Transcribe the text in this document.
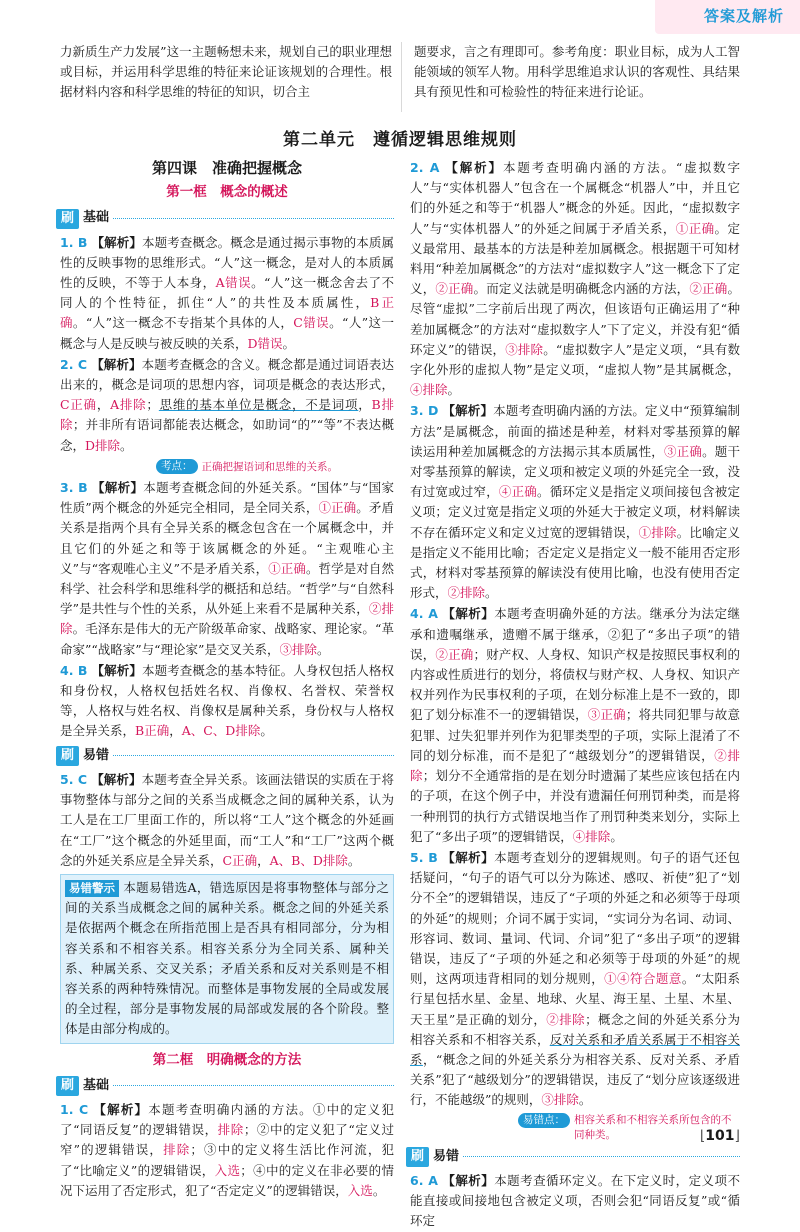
答案及解析
力新质生产力发展”这一主题畅想未来，规划自己的职业理想或目标，并运用科学思维的特征来论证该规划的合理性。根据材料内容和科学思维的特征的知识，切合主
题要求，言之有理即可。参考角度：职业目标，成为人工智能领域的领军人物。用科学思维追求认识的客观性、具结果具有预见性和可检验性的特征来进行论证。
第二单元　遵循逻辑思维规则
第四课　准确把握概念
第一框　概念的概述
刷 基础

1. B 【解析】本题考查概念。概念是通过揭示事物的本质属性的反映事物的思维形式。“人”这一概念，是对人的本质属性的反映，不等于人本身，A错误。“人”这一概念舍去了不同人的个性特征，抓住“人”的共性及本质属性，B正确。“人”这一概念不专指某个具体的人，C错误。“人”这一概念与人是反映与被反映的关系，D错误。

2. C 【解析】本题考查概念的含义。概念都是通过词语表达出来的，概念是词项的思想内容，词项是概念的表达形式，C正确，A排除；思维的基本单位是概念，不是词项，B排除；并非所有语词都能表达概念，如助词“的”“等”不表达概念，D排除。

考点： 正确把握语词和思维的关系。

3. B 【解析】本题考查概念间的外延关系。“国体”与“国家性质”两个概念的外延完全相同，是全同关系，①正确。矛盾关系是指两个具有全异关系的概念包含在一个属概念中，并且它们的外延之和等于该属概念的外延。“主观唯心主义”与“客观唯心主义”不是矛盾关系，①正确。哲学是对自然科学、社会科学和思维科学的概括和总结。“哲学”与“自然科学”是共性与个性的关系，从外延上来看不是属种关系，②排除。毛泽东是伟大的无产阶级革命家、战略家、理论家。“革命家”“战略家”与“理论家”是交叉关系，③排除。

4. B 【解析】本题考查概念的基本特征。人身权包括人格权和身份权，人格权包括姓名权、肖像权、名誉权、荣誉权等，人格权与姓名权、肖像权是属种关系，身份权与人格权是全异关系，B正确，A、C、D排除。

刷 易错

5. C 【解析】本题考查全异关系。该画法错误的实质在于将事物整体与部分之间的关系当成概念之间的属种关系，认为工人是在工厂里面工作的，所以将“工人”这个概念的外延画在“工厂”这个概念的外延里面，而“工人”和“工厂”这两个概念的外延关系应是全异关系，C正确，A、B、D排除。

易错警示 本题易错选A，错选原因是将事物整体与部分之间的关系当成概念之间的属种关系。概念之间的外延关系是依据两个概念在所指范围上是否具有相同部分，分为相容关系和不相容关系。相容关系分为全同关系、属种关系、种属关系、交叉关系；矛盾关系和反对关系则是不相容关系的两种特殊情况。而整体是事物发展的全局或发展的全过程，部分是事物发展的局部或发展的各个阶段。整体是由部分构成的。
第二框　明确概念的方法
刷 基础

1. C 【解析】本题考查明确内涵的方法。①中的定义犯了“同语反复”的逻辑错误，排除；②中的定义犯了“定义过窄”的逻辑错误，排除；③中的定义将生活比作河流，犯了“比喻定义”的逻辑错误，入选；④中的定义在非必要的情况下运用了否定形式，犯了“否定定义”的逻辑错误，入选。

2. A 【解析】本题考查明确内涵的方法。“虚拟数字人”与“实体机器人”包含在一个属概念“机器人”中，并且它们的外延之和等于“机器人”概念的外延。因此，“虚拟数字人”与“实体机器人”的外延之间属于矛盾关系，①正确。定义最常用、最基本的方法是种差加属概念。根据题干可知材料用“种差加属概念”的方法对“虚拟数字人”这一概念下了定义，②正确。而定义法就是明确概念内涵的方法，②正确。尽管“虚拟”二字前后出现了两次，但该语句正确运用了“种差加属概念”的方法对“虚拟数字人”下了定义，并没有犯“循环定义”的错误，③排除。“虚拟数字人”是定义项，“具有数字化外形的虚拟人物”是定义项，“虚拟人物”是其属概念，④排除。

3. D 【解析】本题考查明确内涵的方法。定义中“预算编制方法”是属概念，前面的描述是种差，材料对零基预算的解读运用种差加属概念的方法揭示其本质属性，③正确。题干对零基预算的解读，定义项和被定义项的外延完全一致，没有过宽或过窄，④正确。循环定义是指定义项间接包含被定义项；定义过宽是指定义项的外延大于被定义项，材料解读不存在循环定义和定义过宽的逻辑错误，①排除。比喻定义是指定义不能用比喻；否定定义是指定义一般不能用否定形式，材料对零基预算的解读没有使用比喻，也没有使用否定形式，②排除。

4. A 【解析】本题考查明确外延的方法。继承分为法定继承和遗嘱继承，遗赠不属于继承，②犯了“多出子项”的错误，②正确；财产权、人身权、知识产权是按照民事权利的内容或性质进行的划分，将债权与财产权、人身权、知识产权并列作为民事权利的子项，在划分标准上是不一致的，即犯了划分标准不一的逻辑错误，③正确；将共同犯罪与故意犯罪、过失犯罪并列作为犯罪类型的子项，实际上混淆了不同的划分标准，而不是犯了“越级划分”的逻辑错误，②排除；划分不全通常指的是在划分时遗漏了某些应该包括在内的子项，在这个例子中，并没有遗漏任何刑罚种类，而是将一种刑罚的执行方式错误地当作了刑罚种类来划分，实际上犯了“多出子项”的逻辑错误，④排除。

5. B 【解析】本题考查划分的逻辑规则。句子的语气还包括疑问，“句子的语气可以分为陈述、感叹、祈使”犯了“划分不全”的逻辑错误，违反了“子项的外延之和必须等于母项的外延”的规则；介词不属于实词，“实词分为名词、动词、形容词、数词、量词、代词、介词”犯了“多出子项”的逻辑错误，违反了“子项的外延之和必须等于母项的外延”的规则，这两项违背相同的划分规则，①④符合题意。“太阳系行星包括水星、金星、地球、火星、海王星、土星、木星、天王星”是正确的划分，②排除；概念之间的外延关系分为相容关系和不相容关系，反对关系和矛盾关系属于不相容关系，“概念之间的外延关系分为相容关系、反对关系、矛盾关系”犯了“越级划分”的逻辑错误，违反了“划分应该逐级进行，不能越级”的规则，③排除。

易错点： 相容关系和不相容关系所包含的不同种类。
刷 易错

6. A 【解析】本题考查循环定义。在下定义时，定义项不能直接或间接地包含被定义项，否则会犯“同语反复”或“循环定

⌊101⌋
